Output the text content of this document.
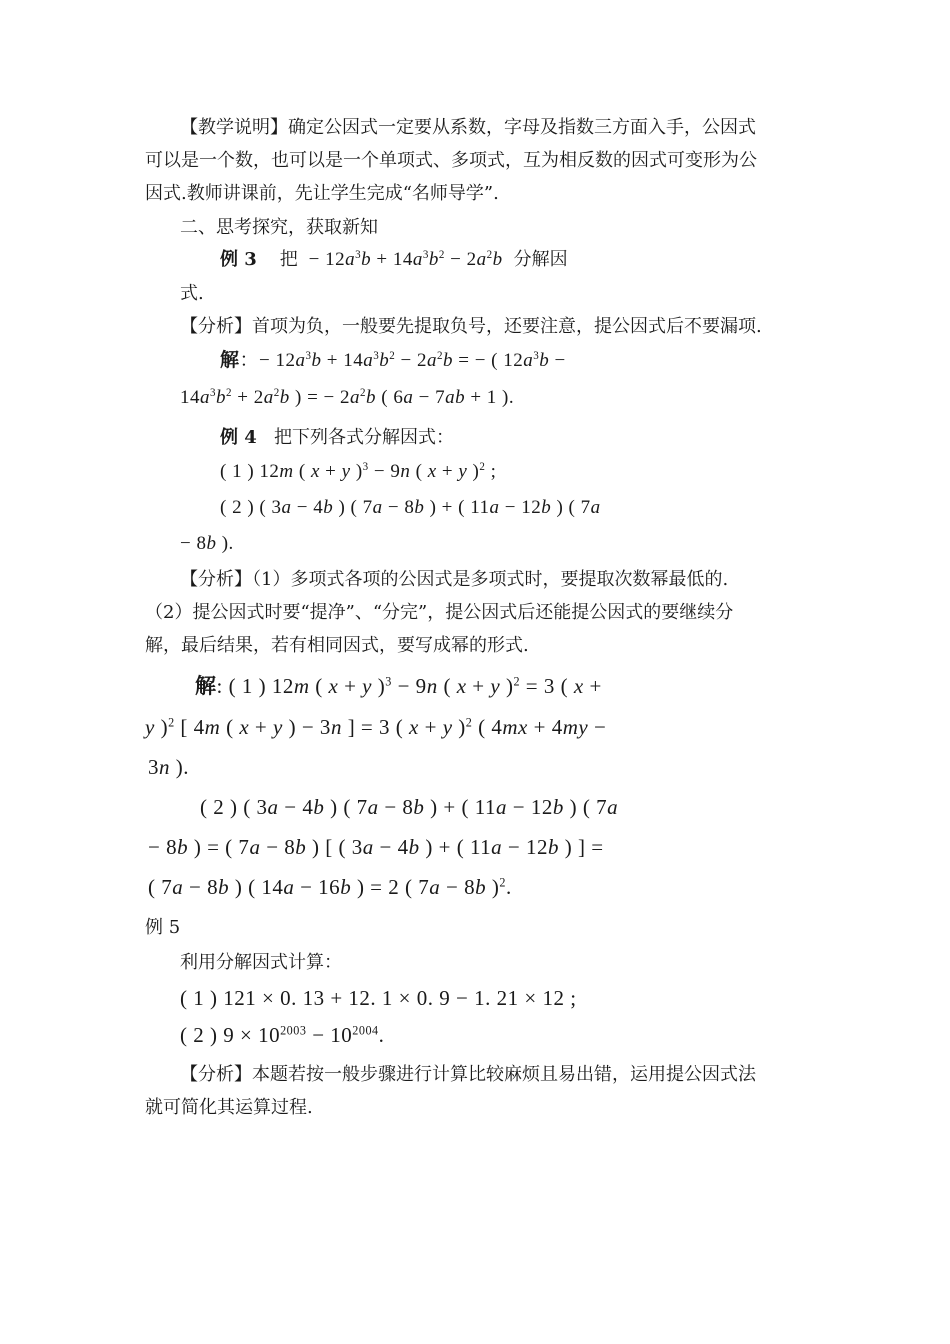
【教学说明】确定公因式一定要从系数，字母及指数三方面入手，公因式
可以是一个数，也可以是一个单项式、多项式，互为相反数的因式可变形为公
因式.教师讲课前，先让学生完成“名师导学”.
二、思考探究，获取新知
例 3 把  − $12a^3b + 14a^3b^2 - 2a^2b$ 分解因
式.
【分析】首项为负，一般要先提取负号，还要注意，提公因式后不要漏项.
解：− $12a^3b + 14a^3b^2 - 2a^2b$ = − ( $12a^3b$ −
$14a^3b^2 + 2a^2b$ ) = − $2a^2b$ ( 6a − 7ab + 1 ).
例 4 把下列各式分解因式：
( 1 ) 12m ( x + y )$^3$ − 9n ( x + y )$^2$ ;
( 2 ) ( 3a − 4b ) ( 7a − 8b ) + ( 11a − 12b ) ( 7a
− 8b ).
【分析】（1）多项式各项的公因式是多项式时，要提取次数幂最低的.
（2）提公因式时要“提净”、“分完”，提公因式后还能提公因式的要继续分
解，最后结果，若有相同因式，要写成幂的形式.
解: ( 1 ) 12m ( x + y )$^3$ − 9n ( x + y )$^2$ = 3 ( x +
y )$^2$ [ 4m ( x + y ) − 3n ] = 3 ( x + y )$^2$ ( 4mx + 4my −
3n ).
( 2 ) ( 3a − 4b ) ( 7a − 8b ) + ( 11a − 12b ) ( 7a
− 8b ) = ( 7a − 8b ) [ ( 3a − 4b ) + ( 11a − 12b ) ] =
( 7a − 8b ) ( 14a − 16b ) = 2 ( 7a − 8b )$^2$.
例 5
利用分解因式计算：
( 1 ) 121 × 0. 13 + 12. 1 × 0. 9 − 1. 21 × 12 ;
( 2 ) $9 \times 10^{2003} - 10^{2004}$.
【分析】本题若按一般步骤进行计算比较麻烦且易出错，运用提公因式法
就可简化其运算过程.
